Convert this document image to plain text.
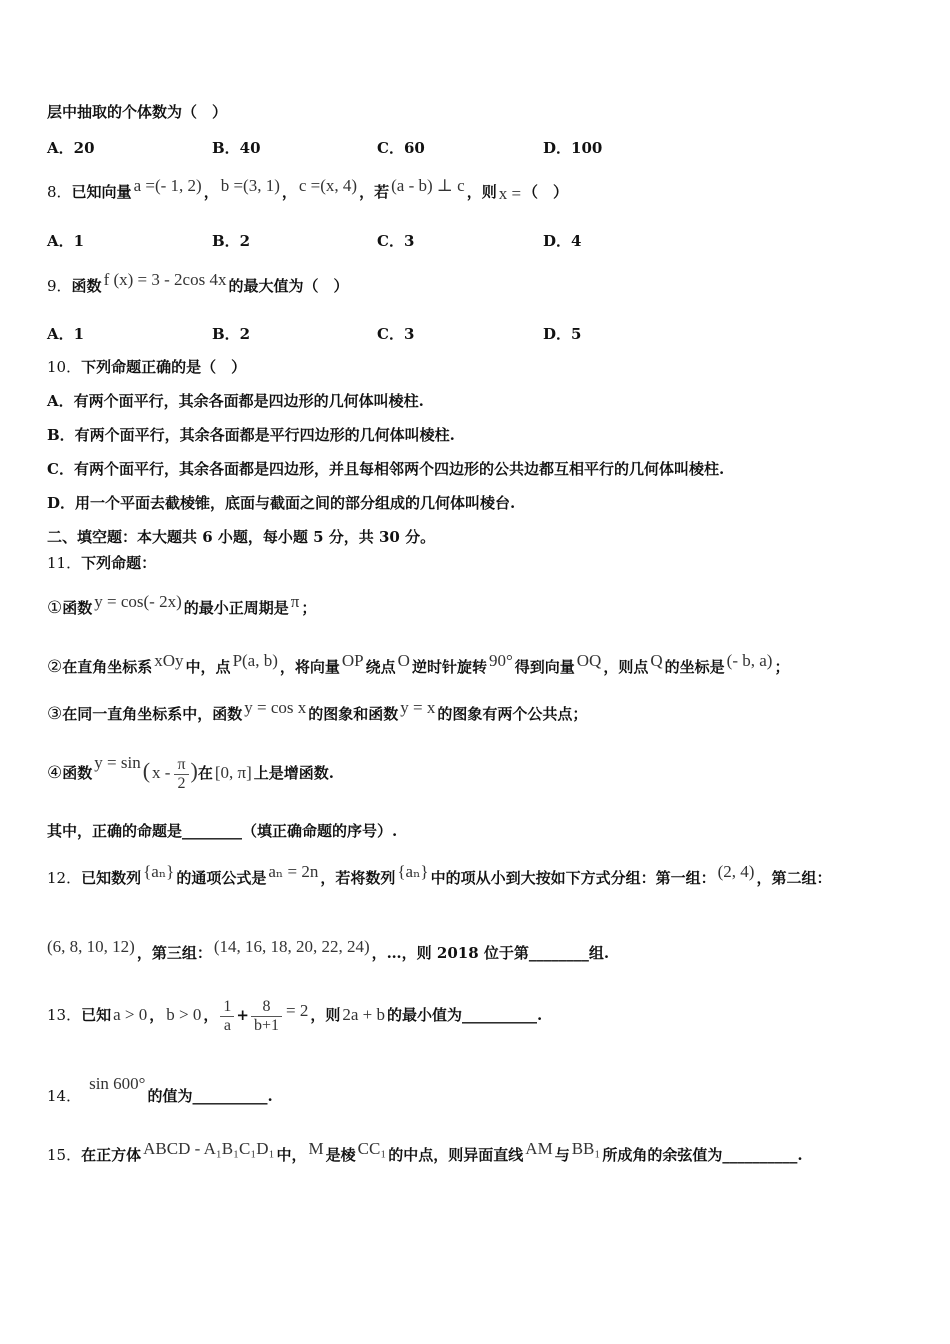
层中抽取的个体数为（　）
A．20	B．40	C．60	D．100
8．已知向量 a =(- 1, 2) ， b =(3, 1) ， c =(x, 4) ，若 (a - b) ⊥ c ，则 x = （　）
A．1	B．2	C．3	D．4
9．函数 f (x) = 3 - 2cos 4x 的最大值为（　）
A．1	B．2	C．3	D．5
10．下列命题正确的是（　）
A．有两个面平行，其余各面都是四边形的几何体叫棱柱.
B．有两个面平行，其余各面都是平行四边形的几何体叫棱柱.
C．有两个面平行，其余各面都是四边形，并且每相邻两个四边形的公共边都互相平行的几何体叫棱柱.
D．用一个平面去截棱锥，底面与截面之间的部分组成的几何体叫棱台.
二、填空题：本大题共 6 小题，每小题 5 分，共 30 分。
11．下列命题：
①函数 y = cos(- 2x) 的最小正周期是 π ；
②在直角坐标系 xOy 中，点 P(a, b) ，将向量 OP 绕点 O 逆时针旋转 90° 得到向量 OQ ，则点 Q 的坐标是 (- b, a) ；
③在同一直角坐标系中，函数 y = cos x 的图象和函数 y = x 的图象有两个公共点；
④函数y = sin( x - $\frac{\pi}{2}$ )在 [0, π] 上是增函数.
其中，正确的命题是________（填正确命题的序号）.
12．已知数列 {aₙ} 的通项公式是 aₙ = 2n ，若将数列 {aₙ} 中的项从小到大按如下方式分组：第一组： (2, 4) ，第二组：
(6, 8, 10, 12) ，第三组： (14, 16, 18, 20, 22, 24) ，…，则 2018 位于第________组.
13．已知 a > 0 ， b > 0 ， $\frac{1}{a} + \frac{8}{b+1} = 2$ ，则 2a + b 的最小值为__________.
14．sin 600°的值为__________.
15．在正方体 ABCD - A₁B₁C₁D₁ 中， M 是棱 CC₁ 的中点，则异面直线 AM 与 BB₁ 所成角的余弦值为__________.
